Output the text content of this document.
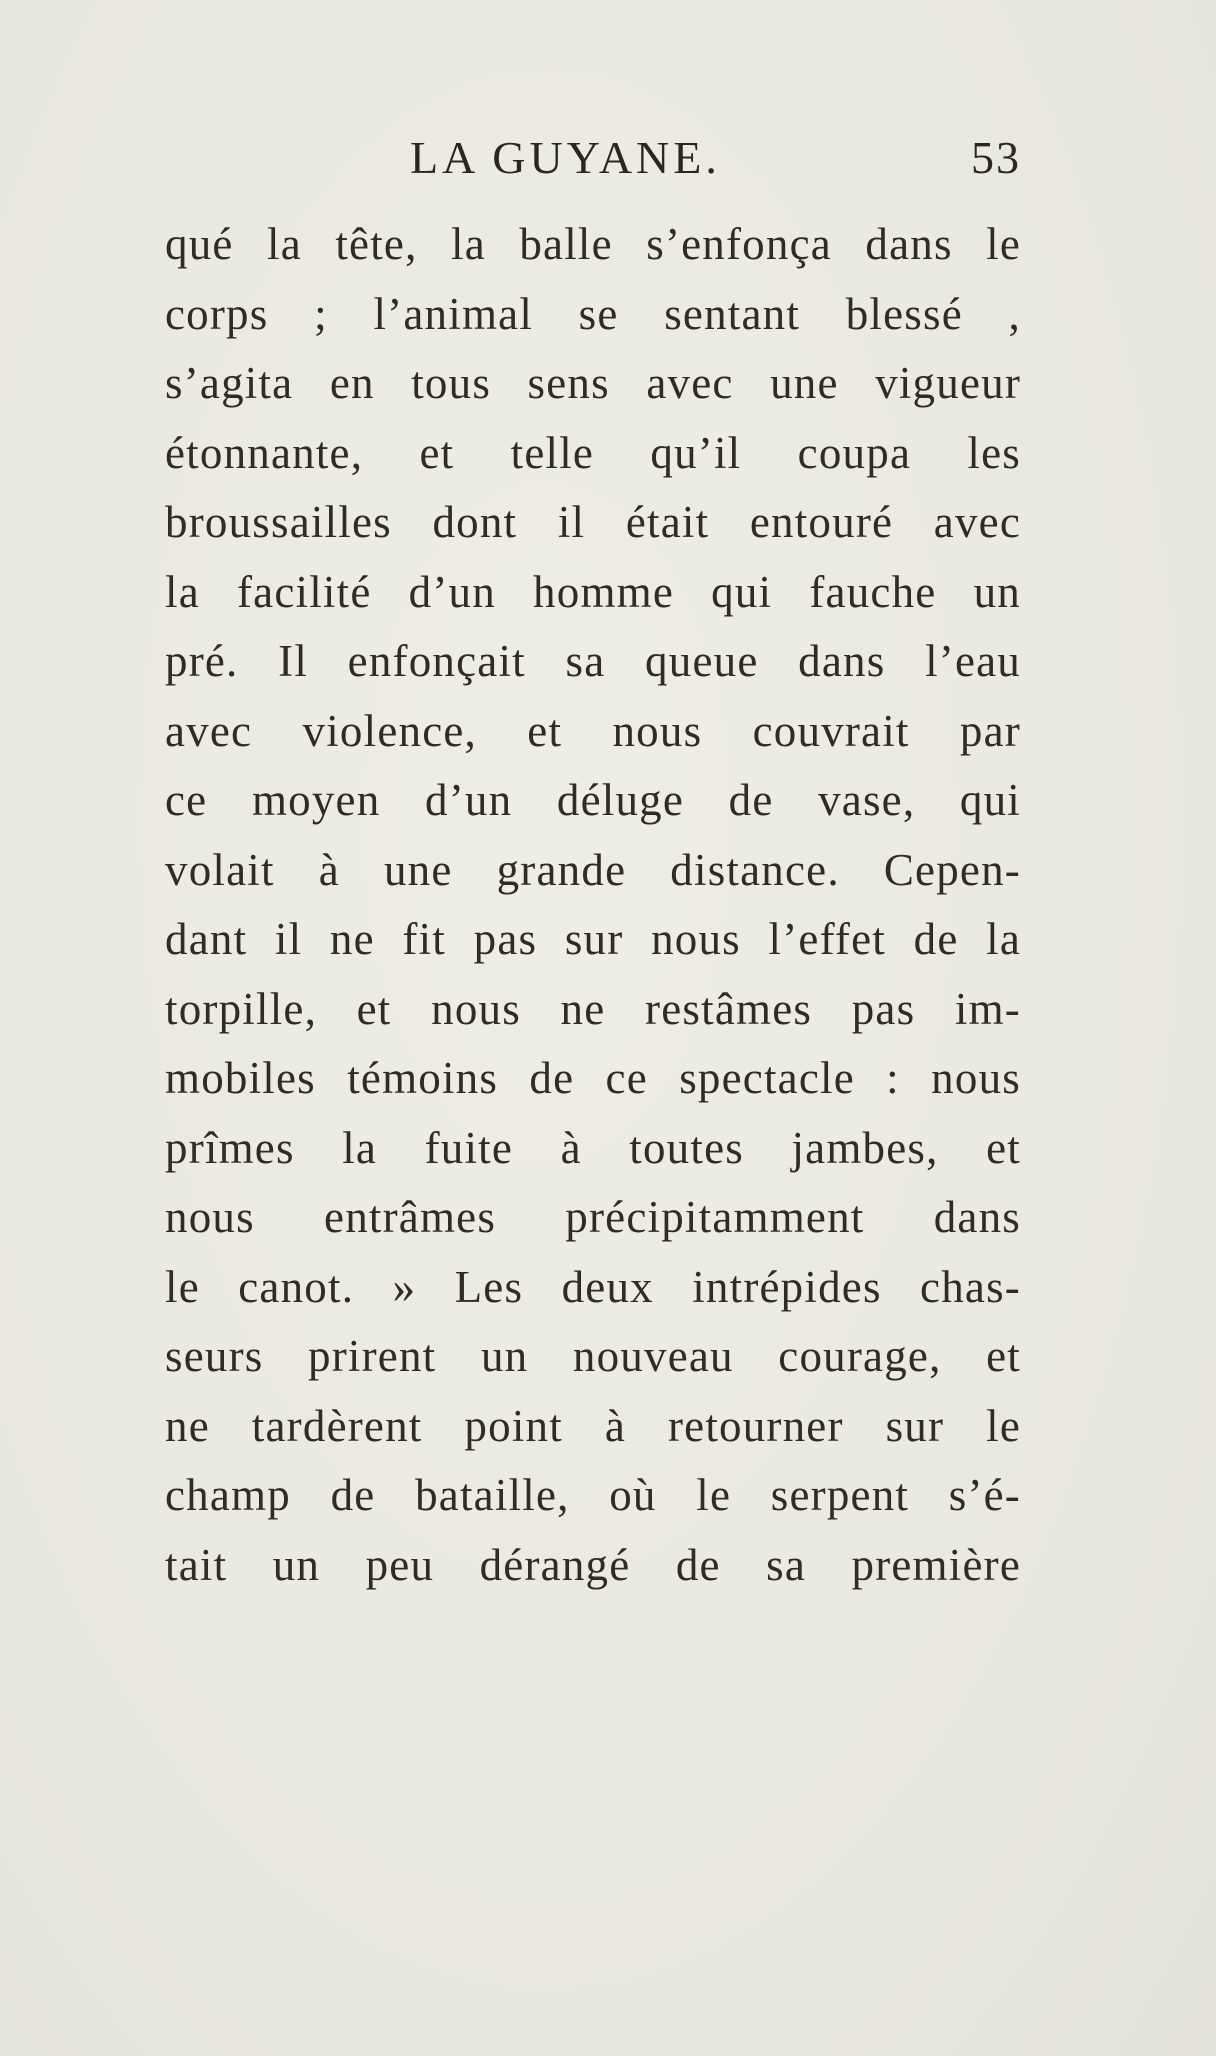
LA GUYANE.	53
qué la tête, la balle s’enfonça dans le
corps ; l’animal se sentant blessé ,
s’agita en tous sens avec une vigueur
étonnante, et telle qu’il coupa les
broussailles dont il était entouré avec
la facilité d’un homme qui fauche un
pré. Il enfonçait sa queue dans l’eau
avec violence, et nous couvrait par
ce moyen d’un déluge de vase, qui
volait à une grande distance. Cepen-
dant il ne fit pas sur nous l’effet de la
torpille, et nous ne restâmes pas im-
mobiles témoins de ce spectacle : nous
prîmes la fuite à toutes jambes, et
nous entrâmes précipitamment dans
le canot. » Les deux intrépides chas-
seurs prirent un nouveau courage, et
ne tardèrent point à retourner sur le
champ de bataille, où le serpent s’é-
tait un peu dérangé de sa première
